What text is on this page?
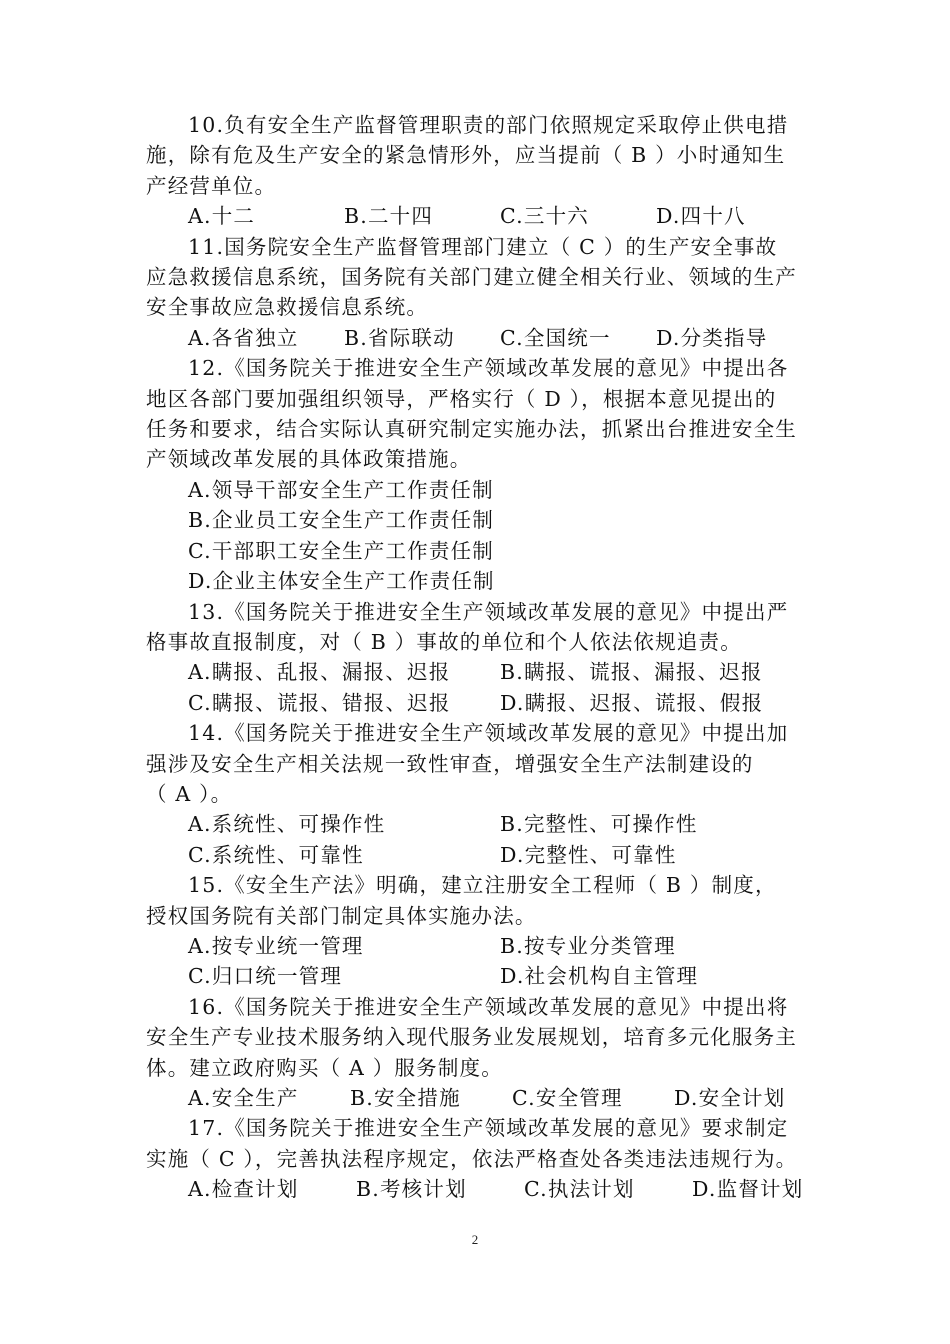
10.负有安全生产监督管理职责的部门依照规定采取停止供电措
施，除有危及生产安全的紧急情形外，应当提前（ B ）小时通知生
产经营单位。
A.十二	B.二十四	C.三十六	D.四十八
11.国务院安全生产监督管理部门建立（ C ）的生产安全事故
应急救援信息系统，国务院有关部门建立健全相关行业、领域的生产
安全事故应急救援信息系统。
A.各省独立 B.省际联动 C.全国统一 D.分类指导
12.《国务院关于推进安全生产领域改革发展的意见》中提出各
地区各部门要加强组织领导，严格实行（ D ），根据本意见提出的
任务和要求，结合实际认真研究制定实施办法，抓紧出台推进安全生
产领域改革发展的具体政策措施。
A.领导干部安全生产工作责任制
B.企业员工安全生产工作责任制
C.干部职工安全生产工作责任制
D.企业主体安全生产工作责任制
13.《国务院关于推进安全生产领域改革发展的意见》中提出严
格事故直报制度，对（ B ）事故的单位和个人依法依规追责。
A.瞒报、乱报、漏报、迟报 B.瞒报、谎报、漏报、迟报
C.瞒报、谎报、错报、迟报 D.瞒报、迟报、谎报、假报
14.《国务院关于推进安全生产领域改革发展的意见》中提出加
强涉及安全生产相关法规一致性审查，增强安全生产法制建设的
（ A ）。
A.系统性、可操作性	B.完整性、可操作性
C.系统性、可靠性	D.完整性、可靠性
15.《安全生产法》明确，建立注册安全工程师（ B ）制度，
授权国务院有关部门制定具体实施办法。
A.按专业统一管理	B.按专业分类管理
C.归口统一管理	D.社会机构自主管理
16.《国务院关于推进安全生产领域改革发展的意见》中提出将
安全生产专业技术服务纳入现代服务业发展规划，培育多元化服务主
体。建立政府购买（ A ）服务制度。
A.安全生产	B.安全措施 C.安全管理	D.安全计划
17.《国务院关于推进安全生产领域改革发展的意见》要求制定
实施（ C ），完善执法程序规定，依法严格查处各类违法违规行为。
A.检查计划	B.考核计划	C.执法计划	D.监督计划
2
